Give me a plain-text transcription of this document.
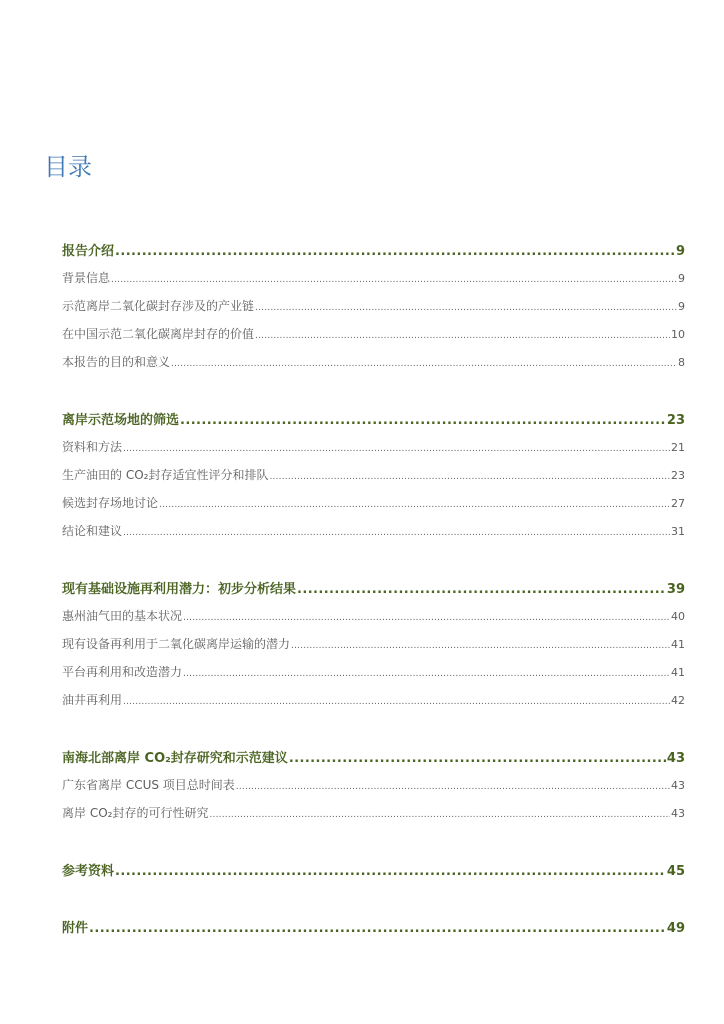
目录
报告介绍 .....	9
背景信息 .....	9
示范离岸二氧化碳封存涉及的产业链 .....	9
在中国示范二氧化碳离岸封存的价值 .....	10
本报告的目的和意义 .....	8
离岸示范场地的筛选 .....	23
资料和方法 .....	21
生产油田的 CO₂封存适宜性评分和排队 .....	23
候选封存场地讨论 .....	27
结论和建议 .....	31
现有基础设施再利用潜力：初步分析结果 .....	39
惠州油气田的基本状况 .....	40
现有设备再利用于二氧化碳离岸运输的潜力 .....	41
平台再利用和改造潜力 .....	41
油井再利用 .....	42
南海北部离岸 CO₂封存研究和示范建议 .....	43
广东省离岸 CCUS 项目总时间表 .....	43
离岸 CO₂封存的可行性研究 .....	43
参考资料 .....	45
附件 .....	49
